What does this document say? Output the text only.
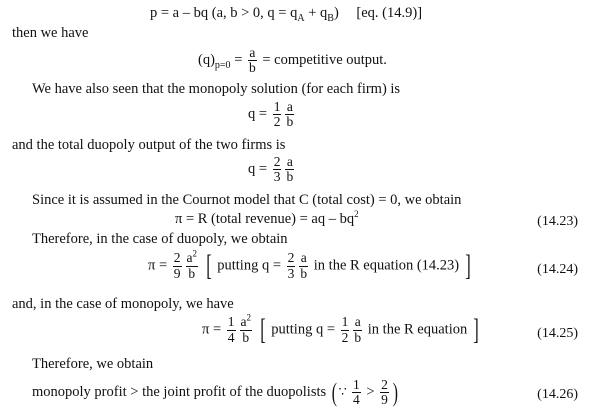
p = a – bq (a, b > 0, $q = q_A + q_B$) [eq. (14.9)]
then we have
$(q)_{p=0} = \frac{a}{b}$ = competitive output.
We have also seen that the monopoly solution (for each firm) is
$q = \frac{1}{2} \frac{a}{b}$
and the total duopoly output of the two firms is
$q = \frac{2}{3} \frac{a}{b}$
Since it is assumed in the Cournot model that C (total cost) = 0, we obtain
π = R (total revenue) = aq – $bq^2$	(14.23)
Therefore, in the case of duopoly, we obtain
$\pi = \frac{2}{9} \frac{a^2}{b}$ [ putting $q = \frac{2}{3} \frac{a}{b}$ in the R equation (14.23) ]	(14.24)
and, in the case of monopoly, we have
$\pi = \frac{1}{4} \frac{a^2}{b}$ [ putting $q = \frac{1}{2} \frac{a}{b}$ in the R equation ]	(14.25)
Therefore, we obtain
monopoly profit > the joint profit of the duopolists ( ∵ $\frac{1}{4} > \frac{2}{9}$ )	(14.26)
